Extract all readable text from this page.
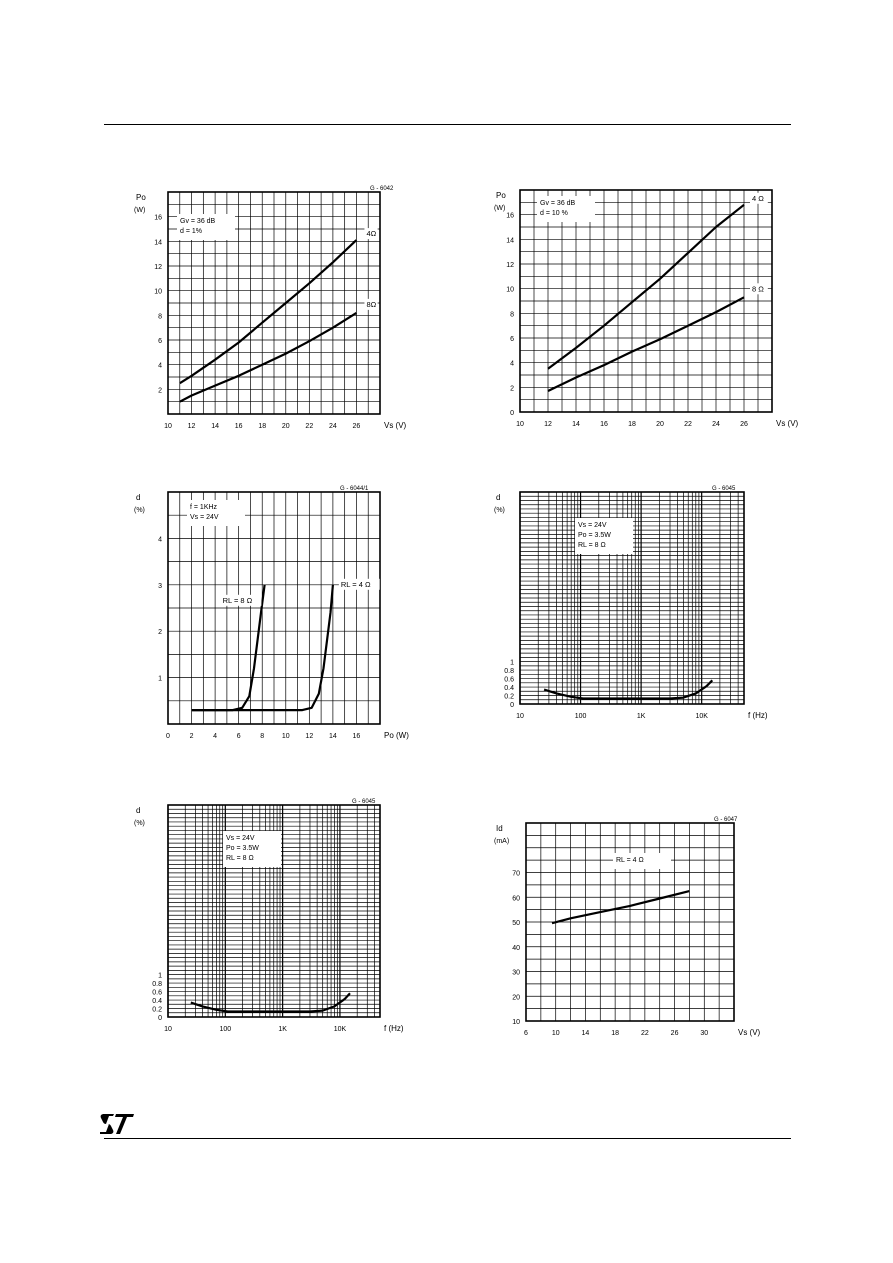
Gv = 36 dB
d = 1%
Po
(W)
G - 6042
Vs (V)
10 12 14 16 18 20 22 24 26
2
4
6
8
10
12
14
16
4Ω
8Ω
Gv = 36 dB
d = 10 %
Po
(W)
Vs (V)
10	12	14	16	18	20	22	24	26
0
2
4
6
8
10
12
14
16
4 Ω
8 Ω
f = 1KHz
Vs = 24V
d
(%)
G - 6044/1
Po (W)
0	2	4	6	8	10 12 14 16
1
2
3
4
RL = 8 Ω
RL = 4 Ω
Vs = 24V
Po = 3.5W
RL = 8 Ω
d
(%)
G - 6045
f (Hz)
10	100	1K	10K
0
0.2
0.4
0.6
0.8
1
Vs = 24V
Po = 3.5W
RL = 8 Ω
d
(%)
G - 6045
f (Hz)
10	100	1K	10K
0
0.2
0.4
0.6
0.8
1
RL = 4 Ω
Id
(mA)
G - 6047
Vs (V)
6	10	14	18	22	26	30
10
20
30
40
50
60
70
